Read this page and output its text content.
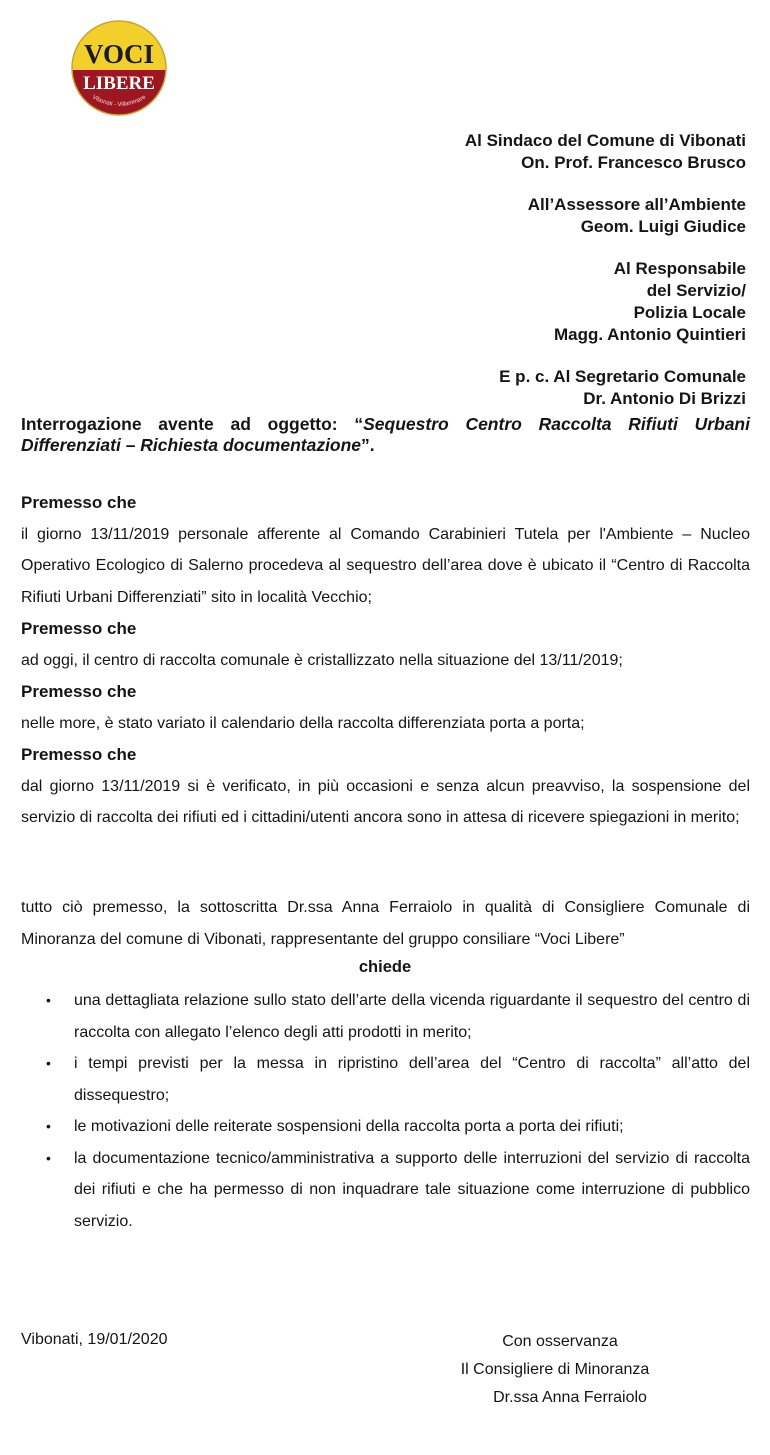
VOCI
LIBERE
Vibonati - Villammare
Al Sindaco del Comune di Vibonati
On. Prof. Francesco Brusco
All’Assessore all’Ambiente
Geom. Luigi Giudice
Al Responsabile
del Servizio/
Polizia Locale
Magg. Antonio Quintieri
E p. c. Al Segretario Comunale
Dr. Antonio Di Brizzi
Interrogazione avente ad oggetto: “Sequestro Centro Raccolta Rifiuti Urbani Differenziati – Richiesta documentazione”.
Premesso che
il giorno 13/11/2019 personale afferente al Comando Carabinieri Tutela per l'Ambiente – Nucleo Operativo Ecologico di Salerno procedeva al sequestro dell’area dove è ubicato il “Centro di Raccolta Rifiuti Urbani Differenziati” sito in località Vecchio;
Premesso che
ad oggi, il centro di raccolta comunale è cristallizzato nella situazione del 13/11/2019;
Premesso che
nelle more, è stato variato il calendario della raccolta differenziata porta a porta;
Premesso che
dal giorno 13/11/2019 si è verificato, in più occasioni e senza alcun preavviso, la sospensione del servizio di raccolta dei rifiuti ed i cittadini/utenti ancora sono in attesa di ricevere spiegazioni in merito;
tutto ciò premesso, la sottoscritta Dr.ssa Anna Ferraiolo in qualità di Consigliere Comunale di Minoranza del comune di Vibonati, rappresentante del gruppo consiliare “Voci Libere”
chiede
• una dettagliata relazione sullo stato dell’arte della vicenda riguardante il sequestro del centro di raccolta con allegato l’elenco degli atti prodotti in merito;
• i tempi previsti per la messa in ripristino dell’area del “Centro di raccolta” all’atto del dissequestro;
• le motivazioni delle reiterate sospensioni della raccolta porta a porta dei rifiuti;
• la documentazione tecnico/amministrativa a supporto delle interruzioni del servizio di raccolta dei rifiuti e che ha permesso di non inquadrare tale situazione come interruzione di pubblico servizio.
Vibonati, 19/01/2020	Con osservanza
Il Consigliere di Minoranza
Dr.ssa Anna Ferraiolo
